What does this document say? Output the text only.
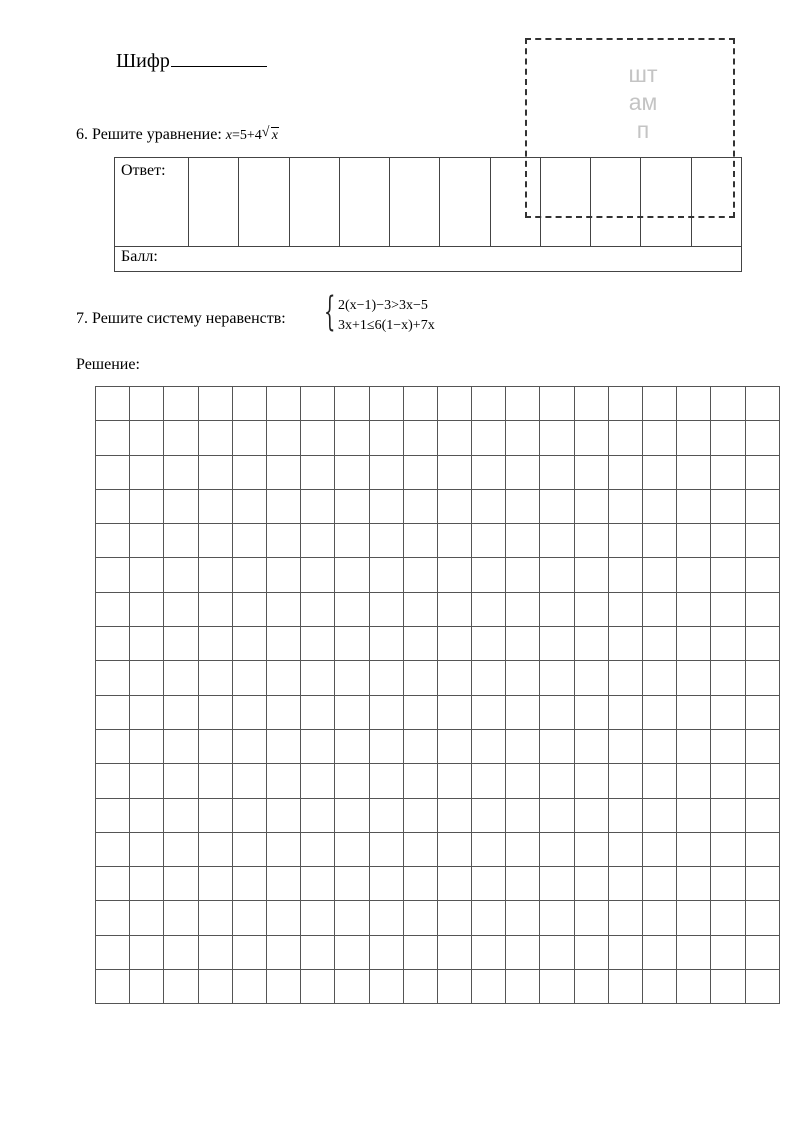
Шифр	шт
ам
п
6. Решите уравнение: x=5+4 √ x
Ответ:											
Балл:
7. Решите систему неравенств: { 2(x−1)−3>3x−5
3x+1≤6(1−x)+7x
Решение:
